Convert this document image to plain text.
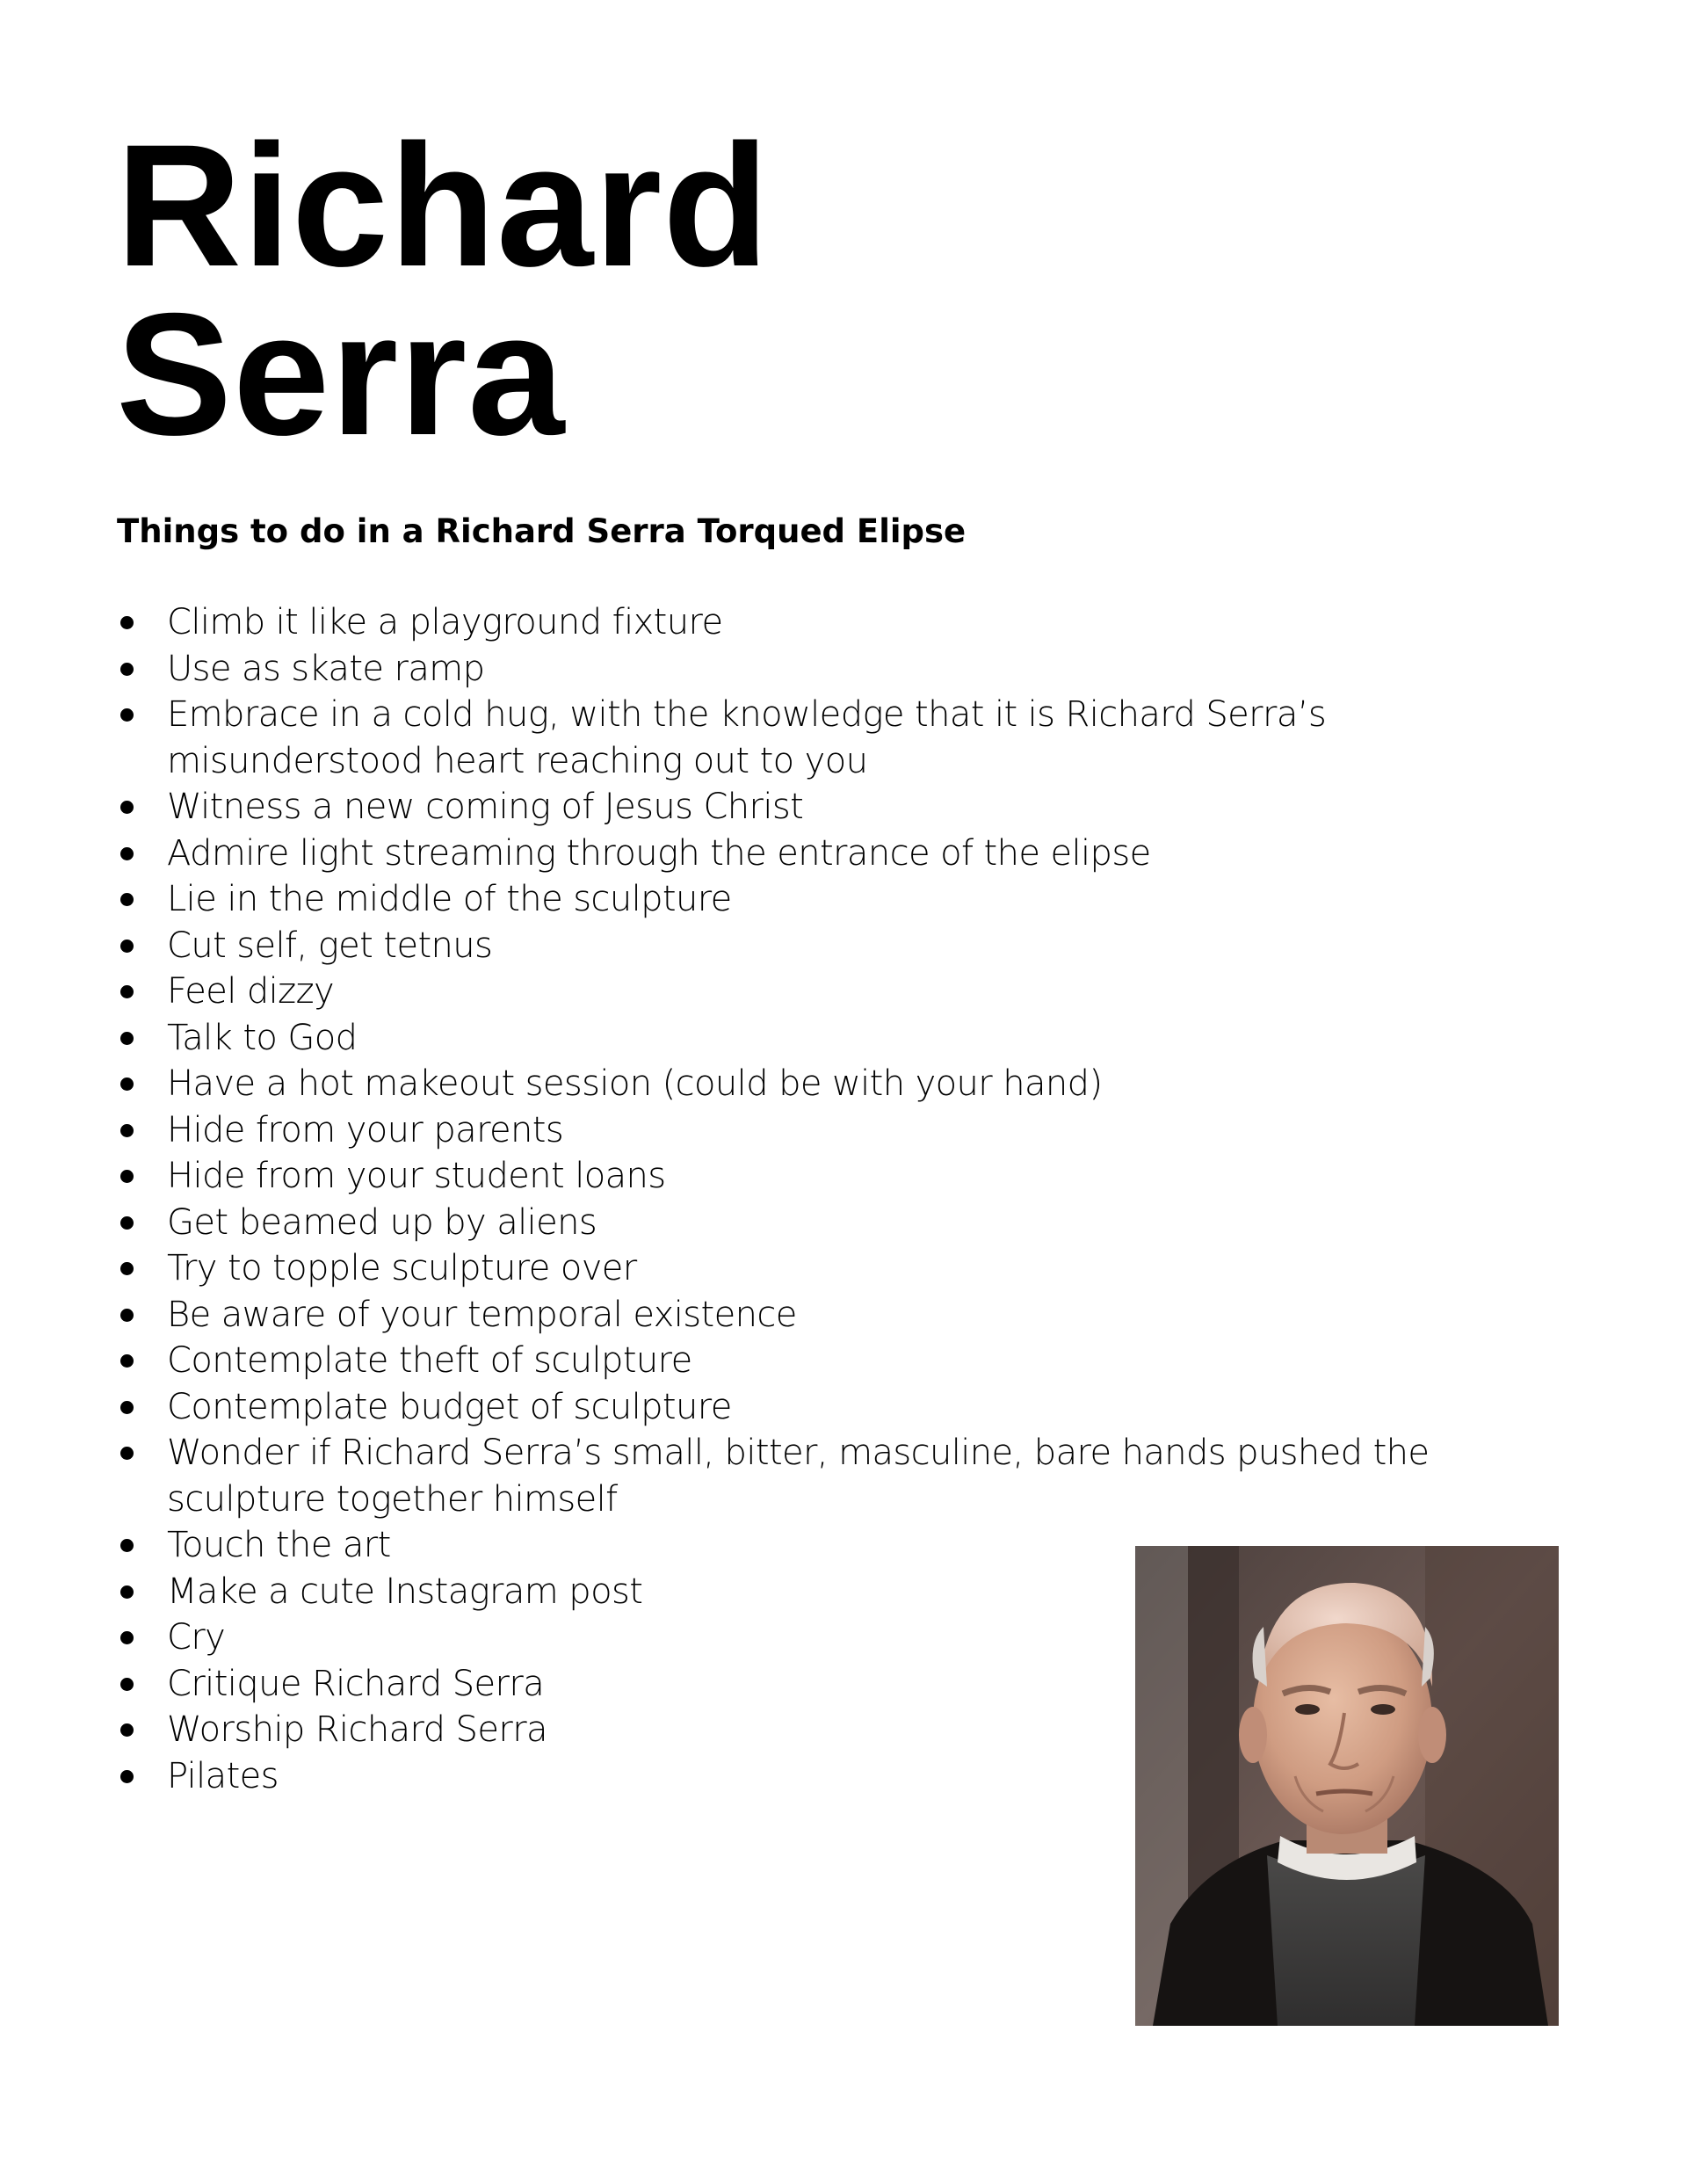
Richard
Serra
Things to do in a Richard Serra Torqued Elipse
Climb it like a playground fixture
Use as skate ramp
Embrace in a cold hug, with the knowledge that it is Richard Serra’s misunderstood heart reaching out to you
Witness a new coming of Jesus Christ
Admire light streaming through the entrance of the elipse
Lie in the middle of the sculpture
Cut self, get tetnus
Feel dizzy
Talk to God
Have a hot makeout session (could be with your hand)
Hide from your parents
Hide from your student loans
Get beamed up by aliens
Try to topple sculpture over
Be aware of your temporal existence
Contemplate theft of sculpture
Contemplate budget of sculpture
Wonder if Richard Serra’s small, bitter, masculine, bare hands pushed the sculpture together himself
Touch the art
Make a cute Instagram post
Cry
Critique Richard Serra
Worship Richard Serra
Pilates
